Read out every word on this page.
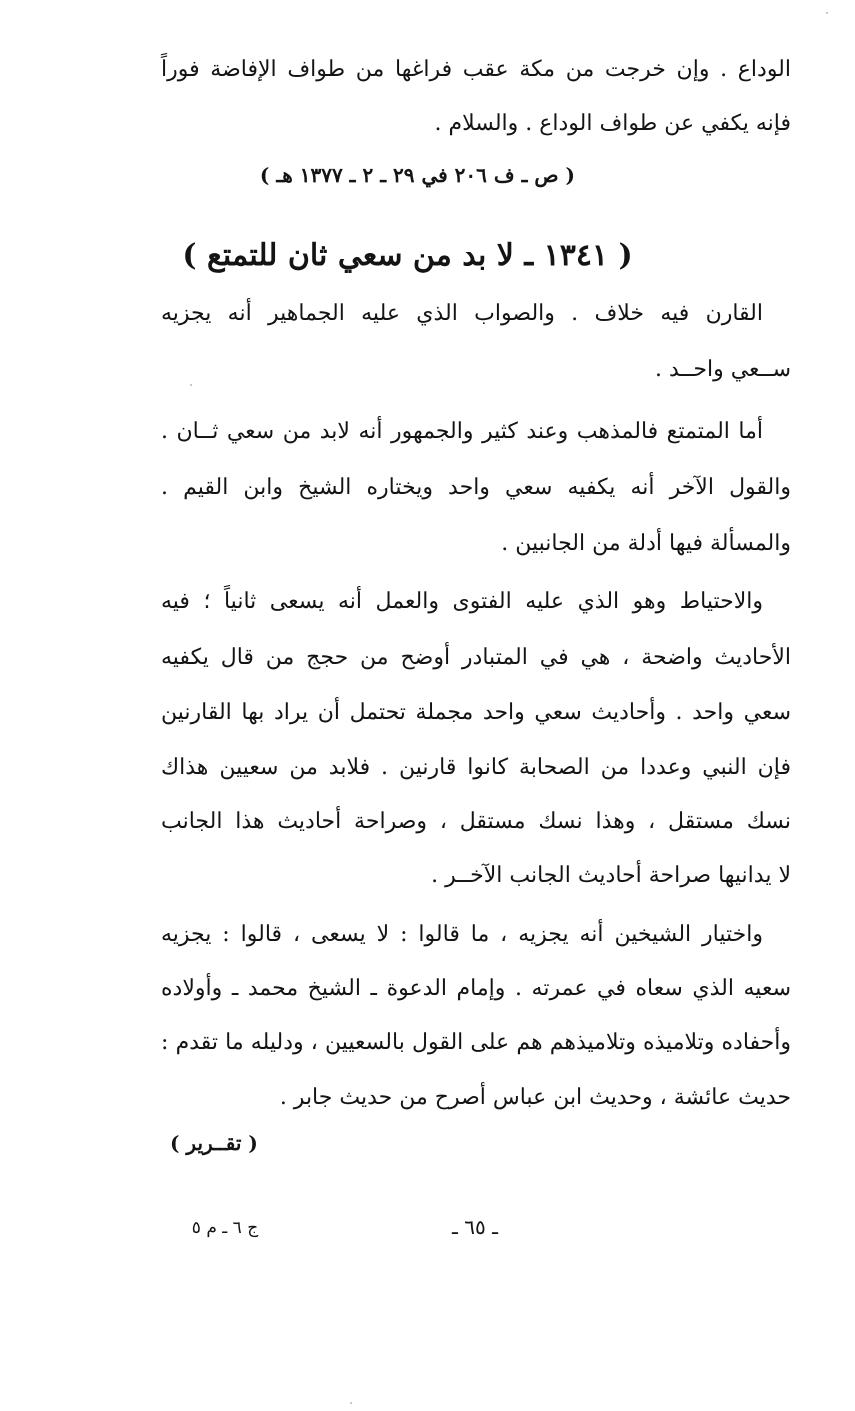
الوداع . وإن خرجت من مكة عقب فراغها من طواف الإفاضة فوراً
فإنه يكفي عن طواف الوداع . والسلام .
( ص ـ ف ٢٠٦ في ٢٩ ـ ٢ ـ ١٣٧٧ هـ )
( ١٣٤١ ـ لا بد من سعي ثان للتمتع )
القارن فيه خلاف . والصواب الذي عليه الجماهير أنه يجزيه
ســعي واحــد .
أما المتمتع فالمذهب وعند كثير والجمهور أنه لابد من سعي ثــان .
والقول الآخر أنه يكفيه سعي واحد ويختاره الشيخ وابن القيم .
والمسألة فيها أدلة من الجانبين .
والاحتياط وهو الذي عليه الفتوى والعمل أنه يسعى ثانياً ؛ فيه
الأحاديث واضحة ، هي في المتبادر أوضح من حجج من قال يكفيه
سعي واحد . وأحاديث سعي واحد مجملة تحتمل أن يراد بها القارنين
فإن النبي وعددا من الصحابة كانوا قارنين . فلابد من سعيين هذاك
نسك مستقل ، وهذا نسك مستقل ، وصراحة أحاديث هذا الجانب
لا يدانيها صراحة أحاديث الجانب الآخــر .
واختيار الشيخين أنه يجزيه ، ما قالوا : لا يسعى ، قالوا : يجزيه
سعيه الذي سعاه في عمرته . وإمام الدعوة ـ الشيخ محمد ـ وأولاده
وأحفاده وتلاميذه وتلاميذهم هم على القول بالسعيين ، ودليله ما تقدم :
حديث عائشة ، وحديث ابن عباس أصرح من حديث جابر .
( تقــرير )
ج ٦ ـ م ٥	ـ ٦٥ ـ
